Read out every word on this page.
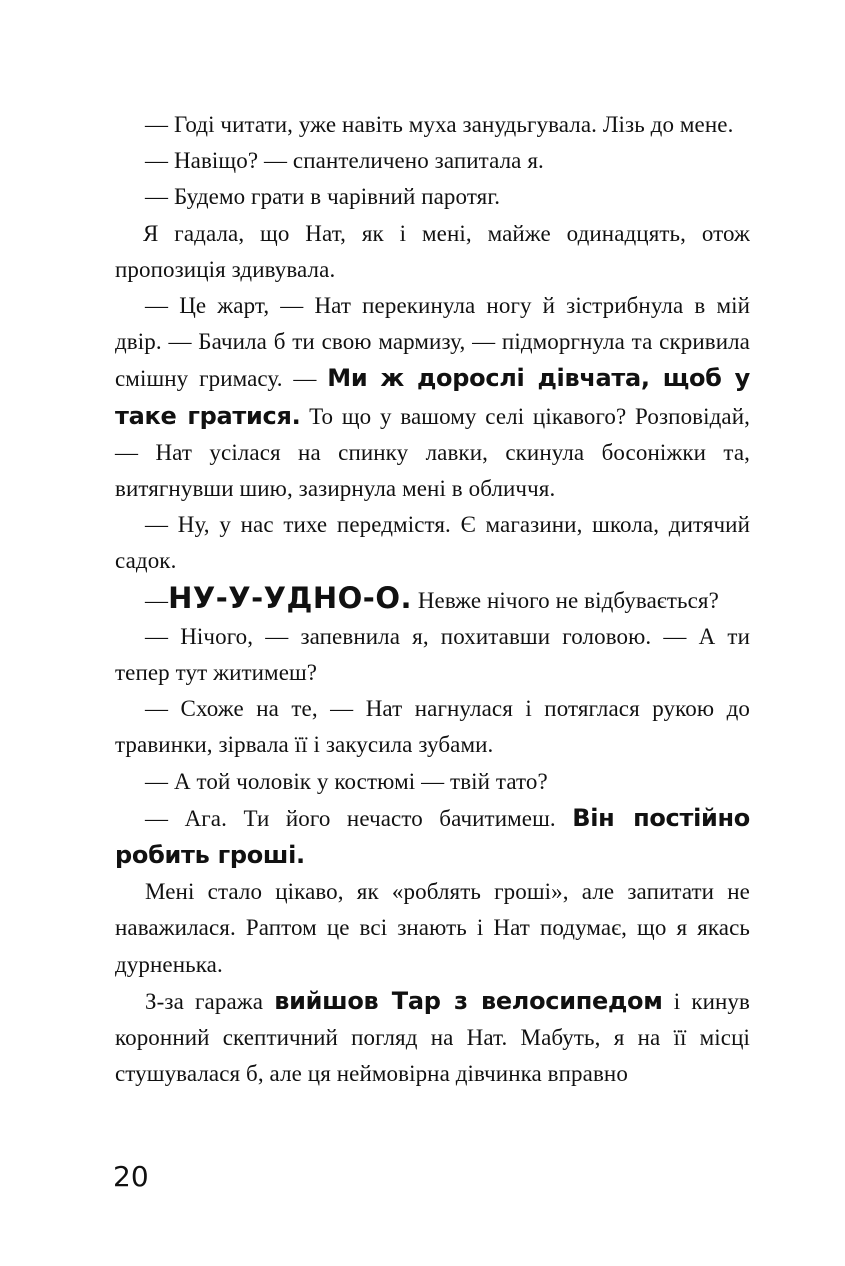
— Годі читати, уже навіть муха занудьгувала. Лізь до мене.

— Навіщо? — спантеличено запитала я.

— Будемо грати в чарівний паротяг.

Я гадала, що Нат, як і мені, майже одинадцять, отож пропозиція здивувала.

— Це жарт, — Нат перекинула ногу й зістрибнула в мій двір. — Бачила б ти свою мармизу, — підморгнула та скривила смішну гримасу. — Ми ж дорослі дівчата, щоб у таке гратися. То що у вашому селі цікавого? Розповідай, — Нат усілася на спинку лавки, скинула босоніжки та, витягнувши шию, зазирнула мені в обличчя.

— Ну, у нас тихе передмістя. Є магазини, школа, дитячий садок.

—НУ-У-УДНО-О. Невже нічого не відбувається?

— Нічого, — запевнила я, похитавши головою. — А ти тепер тут житимеш?

— Схоже на те, — Нат нагнулася і потяглася рукою до травинки, зірвала її і закусила зубами.

— А той чоловік у костюмі — твій тато?

— Ага. Ти його нечасто бачитимеш. Він постійно робить гроші.

Мені стало цікаво, як «роблять гроші», але запитати не наважилася. Раптом це всі знають і Нат подумає, що я якась дурненька.

З-за гаража вийшов Тар з велосипедом і кинув коронний скептичний погляд на Нат. Мабуть, я на її місці стушувалася б, але ця неймовірна дівчинка вправно

20
